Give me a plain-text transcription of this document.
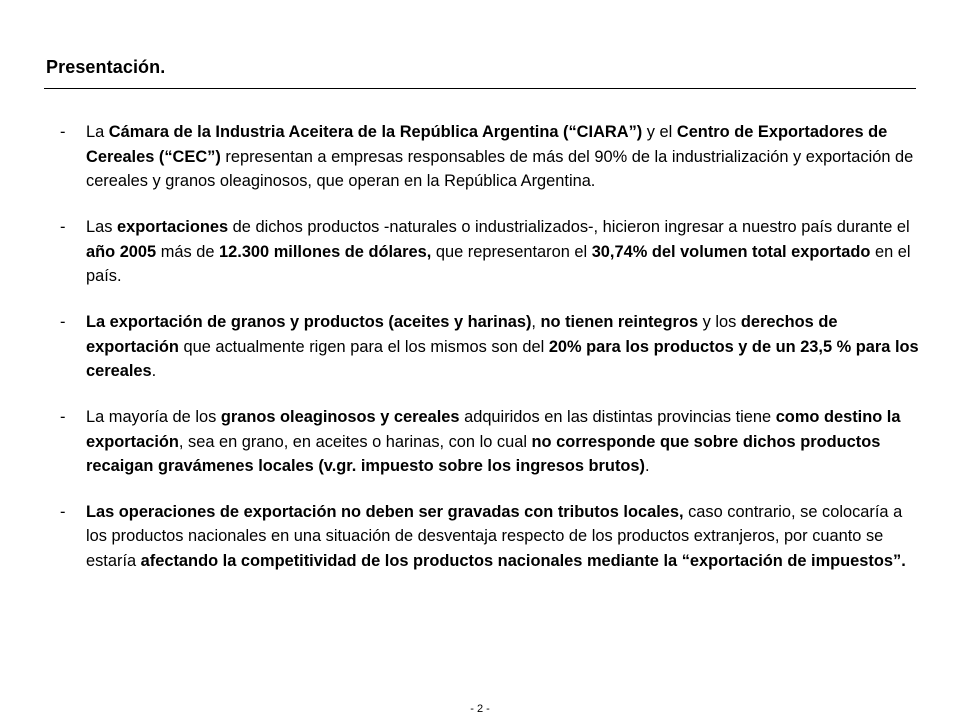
Presentación.
-	La Cámara de la Industria Aceitera de la República Argentina (“CIARA”) y el Centro de Exportadores de Cereales (“CEC”) representan a empresas responsables de más del 90% de la industrialización y exportación de cereales y granos oleaginosos, que operan en la República Argentina.
-	Las exportaciones de dichos productos -naturales o industrializados-, hicieron ingresar a nuestro país durante el año 2005 más de 12.300 millones de dólares, que representaron el 30,74% del volumen total exportado en el país.
-	La exportación de granos y productos (aceites y harinas), no tienen reintegros y los derechos de exportación que actualmente rigen para el los mismos son del 20% para los productos y de un 23,5 % para los cereales.
-	La mayoría de los granos oleaginosos y cereales adquiridos en las distintas provincias tiene como destino la exportación, sea en grano, en aceites o harinas, con lo cual no corresponde que sobre dichos productos recaigan gravámenes locales (v.gr. impuesto sobre los ingresos brutos).
-	Las operaciones de exportación no deben ser gravadas con tributos locales, caso contrario, se colocaría a los productos nacionales en una situación de desventaja respecto de los productos extranjeros, por cuanto se estaría afectando la competitividad de los productos nacionales mediante la “exportación de impuestos”.
- 2 -
